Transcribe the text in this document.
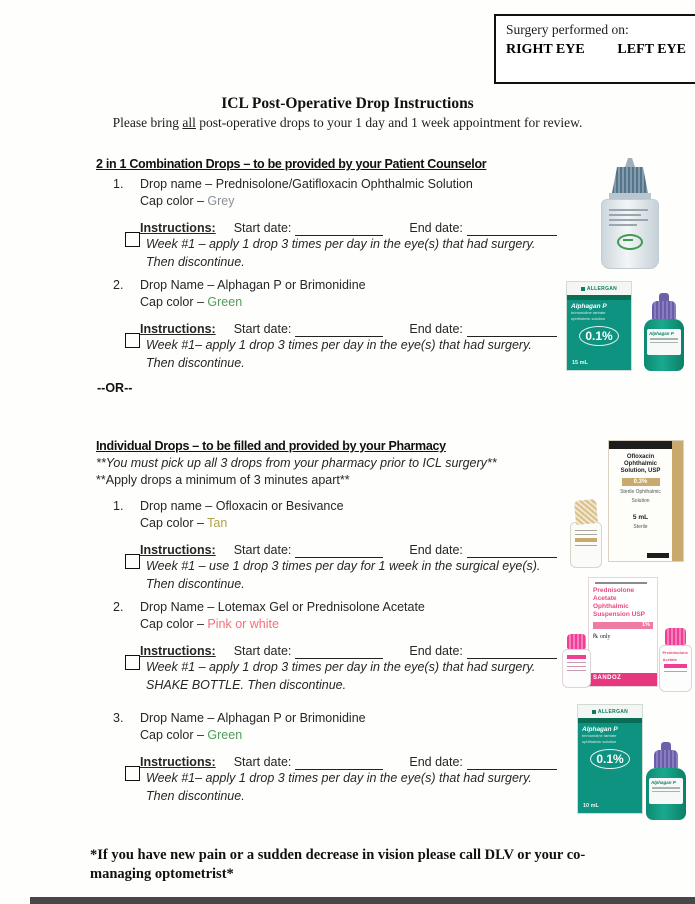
Surgery performed on:
RIGHT EYE LEFT EYE
ICL Post-Operative Drop Instructions
Please bring all post-operative drops to your 1 day and 1 week appointment for review.
2 in 1 Combination Drops – to be provided by your Patient Counselor
1.	Drop name – Prednisolone/Gatifloxacin Ophthalmic Solution
Cap color – Grey
Instructions: Start date:	End date:
Week #1 – apply 1 drop 3 times per day in the eye(s) that had surgery.
Then discontinue.
2.	Drop Name – Alphagan P or Brimonidine
Cap color – Green
Instructions: Start date:	End date:
Week #1– apply 1 drop 3 times per day in the eye(s) that had surgery.
Then discontinue.
--OR--
Individual Drops – to be filled and provided by your Pharmacy
**You must pick up all 3 drops from your pharmacy prior to ICL surgery**
**Apply drops a minimum of 3 minutes apart**
1.	Drop name – Ofloxacin or Besivance
Cap color – Tan
Instructions: Start date:	End date:
Week #1 – use 1 drop 3 times per day for 1 week in the surgical eye(s).
Then discontinue.
2.	Drop Name – Lotemax Gel or Prednisolone Acetate
Cap color – Pink or white
Instructions: Start date:	End date:
Week #1 – apply 1 drop 3 times per day in the eye(s) that had surgery.
SHAKE BOTTLE. Then discontinue.
3.	Drop Name – Alphagan P or Brimonidine
Cap color – Green
Instructions: Start date:	End date:
Week #1– apply 1 drop 3 times per day in the eye(s) that had surgery.
Then discontinue.
ALLERGAN
Alphagan P
brimonidine tartrate
ophthalmic solution
0.1%
15 mL
Alphagan P
Ofloxacin
Ophthalmic
Solution, USP
0.3%
Sterile Ophthalmic
Solution
5 mL
Sterile
Prednisolone
Acetate
Ophthalmic
Suspension USP
1%
℞ only
SANDOZ
Prednisolone
Acetate
ALLERGAN
Alphagan P
brimonidine tartrate
ophthalmic solution
0.1%
10 mL
Alphagan P
*If you have new pain or a sudden decrease in vision please call DLV or your co-managing optometrist*
